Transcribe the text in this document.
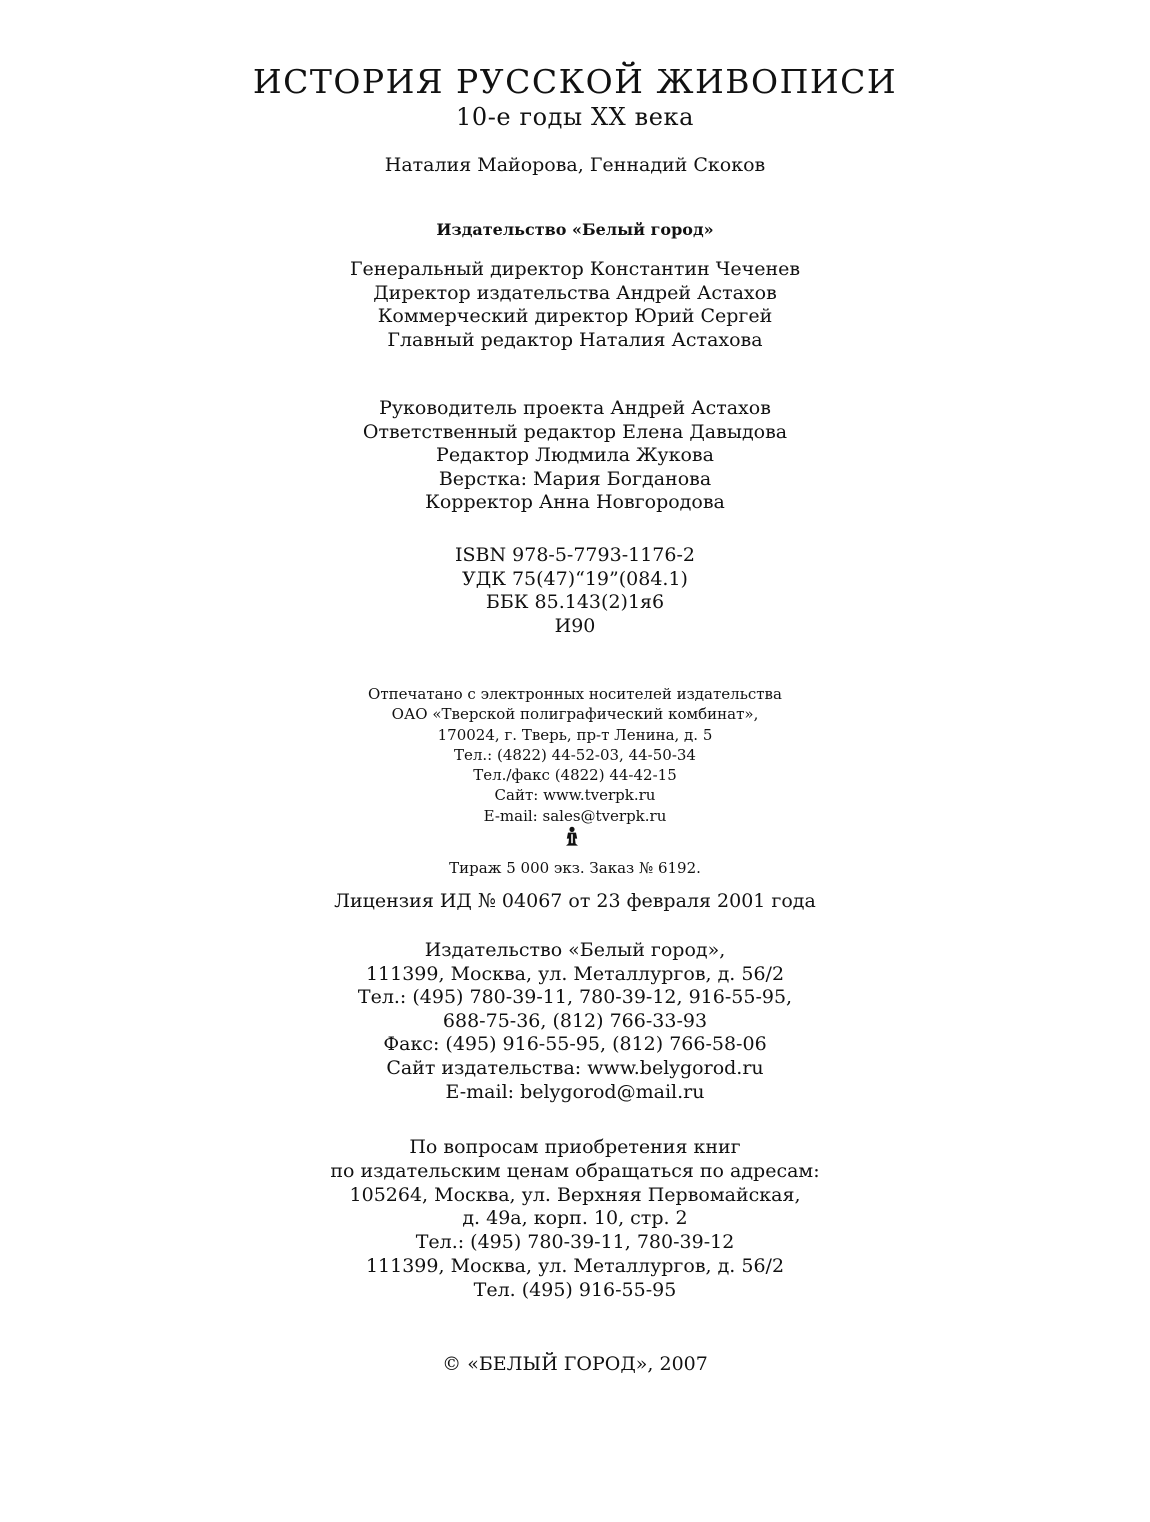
ИСТОРИЯ РУССКОЙ ЖИВОПИСИ
10-е годы XX века
Наталия Майорова, Геннадий Скоков
Издательство «Белый город»
Генеральный директор Константин Чеченев
Директор издательства Андрей Астахов
Коммерческий директор Юрий Сергей
Главный редактор Наталия Астахова
Руководитель проекта Андрей Астахов
Ответственный редактор Елена Давыдова
Редактор Людмила Жукова
Верстка: Мария Богданова
Корректор Анна Новгородова
ISBN 978-5-7793-1176-2
УДК 75(47)“19”(084.1)
ББК 85.143(2)1я6
И90
Отпечатано с электронных носителей издательства
ОАО «Тверской полиграфический комбинат»,
170024, г. Тверь, пр-т Ленина, д. 5
Тел.: (4822) 44-52-03, 44-50-34
Тел./факс (4822) 44-42-15
Сайт: www.tverpk.ru
E-mail: sales@tverpk.ru
Тираж 5 000 экз. Заказ № 6192.
Лицензия ИД № 04067 от 23 февраля 2001 года
Издательство «Белый город»,
111399, Москва, ул. Металлургов, д. 56/2
Тел.: (495) 780-39-11, 780-39-12, 916-55-95,
688-75-36, (812) 766-33-93
Факс: (495) 916-55-95, (812) 766-58-06
Сайт издательства: www.belygorod.ru
E-mail: belygorod@mail.ru
По вопросам приобретения книг
по издательским ценам обращаться по адресам:
105264, Москва, ул. Верхняя Первомайская,
д. 49а, корп. 10, стр. 2
Тел.: (495) 780-39-11, 780-39-12
111399, Москва, ул. Металлургов, д. 56/2
Тел. (495) 916-55-95
© «БЕЛЫЙ ГОРОД», 2007
